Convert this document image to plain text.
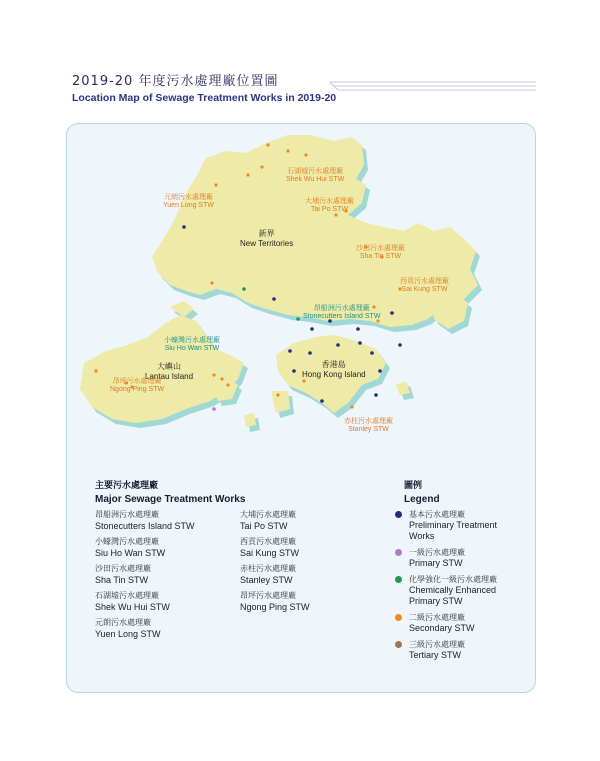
2019-20 年度污水處理廠位置圖
Location Map of Sewage Treatment Works in 2019-20
新界
New Territories
大嶼山
Lantau Island
香港島
Hong Kong Island
石湖墟污水處理廠
Shek Wu Hui STW
元朗污水處理廠
Yuen Long STW
大埔污水處理廠
Tai Po STW
沙田污水處理廠
Sha Tin STW
西貢污水處理廠
Sai Kung STW
昂船洲污水處理廠
Stonecutters Island STW
小蠔灣污水處理廠
Siu Ho Wan STW
昂坪污水處理廠
Ngong Ping STW
赤柱污水處理廠
Stanley STW
主要污水處理廠
Major Sewage Treatment Works
昂船洲污水處理廠
Stonecutters Island STW
小蠔灣污水處理廠
Siu Ho Wan STW
沙田污水處理廠
Sha Tin STW
石湖墟污水處理廠
Shek Wu Hui STW
元朗污水處理廠
Yuen Long STW
大埔污水處理廠
Tai Po STW
西貢污水處理廠
Sai Kung STW
赤柱污水處理廠
Stanley STW
昂坪污水處理廠
Ngong Ping STW
圖例
Legend
基本污水處理廠
Preliminary Treatment Works
一級污水處理廠
Primary STW
化學強化一級污水處理廠
Chemically Enhanced Primary STW
二級污水處理廠
Secondary STW
三級污水處理廠
Tertiary STW
